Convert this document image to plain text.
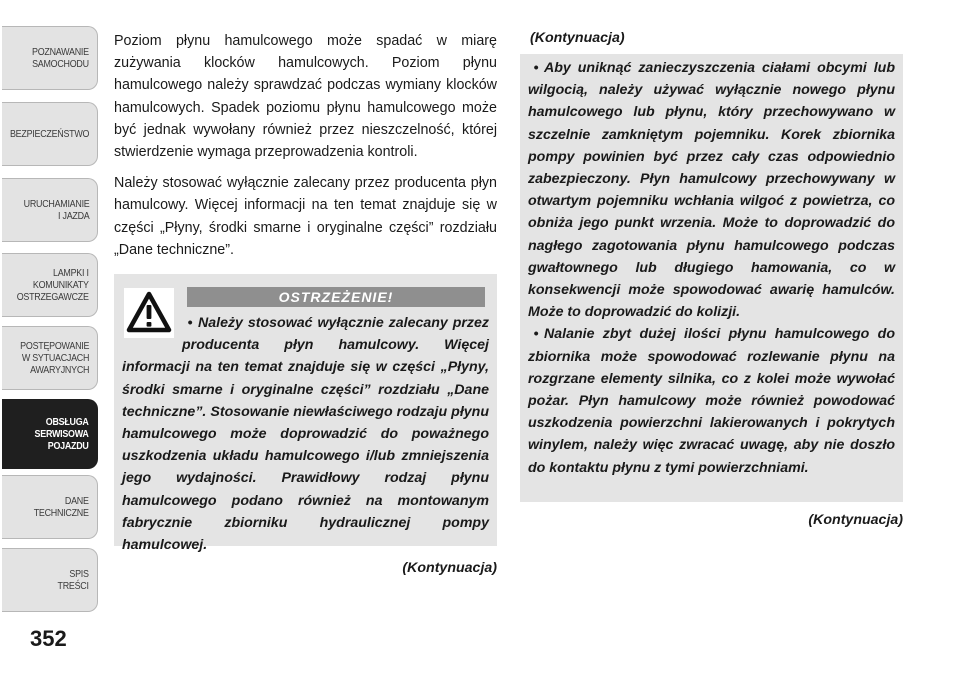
POZNAWANIE
SAMOCHODU
BEZPIECZEŃSTWO
URUCHAMIANIE
I JAZDA
LAMPKI I
KOMUNIKATY
OSTRZEGAWCZE
POSTĘPOWANIE
W SYTUACJACH
AWARYJNYCH
OBSŁUGA
SERWISOWA
POJAZDU
DANE
TECHNICZNE
SPIS
TREŚCI
352

Poziom płynu hamulcowego może spadać w miarę zużywania klocków hamulcowych. Poziom płynu hamulcowego należy sprawdzać podczas wymiany klocków hamulcowych. Spadek poziomu płynu hamulcowego może być jednak wywołany również przez nieszczelność, której stwierdzenie wymaga przeprowadzenia kontroli.

Należy stosować wyłącznie zalecany przez producenta płyn hamulcowy. Więcej informacji na ten temat znajduje się w części „Płyny, środki smarne i oryginalne części” rozdziału „Dane techniczne”.

OSTRZEŻENIE!
• Należy stosować wyłącznie zalecany przez producenta płyn hamulcowy. Więcej informacji na ten temat znajduje się w części „Płyny, środki smarne i oryginalne części” rozdziału „Dane techniczne”. Stosowanie niewłaściwego rodzaju płynu hamulcowego może doprowadzić do poważnego uszkodzenia układu hamulcowego i/lub zmniejszenia jego wydajności. Prawidłowy rodzaj płynu hamulcowego podano również na montowanym fabrycznie zbiorniku hydraulicznej pompy hamulcowej.
(Kontynuacja)
(Kontynuacja)

• Aby uniknąć zanieczyszczenia ciałami obcymi lub wilgocią, należy używać wyłącznie nowego płynu hamulcowego lub płynu, który przechowywano w szczelnie zamkniętym pojemniku. Korek zbiornika pompy powinien być przez cały czas odpowiednio zabezpieczony. Płyn hamulcowy przechowywany w otwartym pojemniku wchłania wilgoć z powietrza, co obniża jego punkt wrzenia. Może to doprowadzić do nagłego zagotowania płynu hamulcowego podczas gwałtownego lub długiego hamowania, co w konsekwencji może spowodować awarię hamulców. Może to doprowadzić do kolizji.

• Nalanie zbyt dużej ilości płynu hamulcowego do zbiornika może spowodować rozlewanie płynu na rozgrzane elementy silnika, co z kolei może wywołać pożar. Płyn hamulcowy może również powodować uszkodzenia powierzchni lakierowanych i pokrytych winylem, należy więc zwracać uwagę, aby nie doszło do kontaktu płynu z tymi powierzchniami.

(Kontynuacja)
